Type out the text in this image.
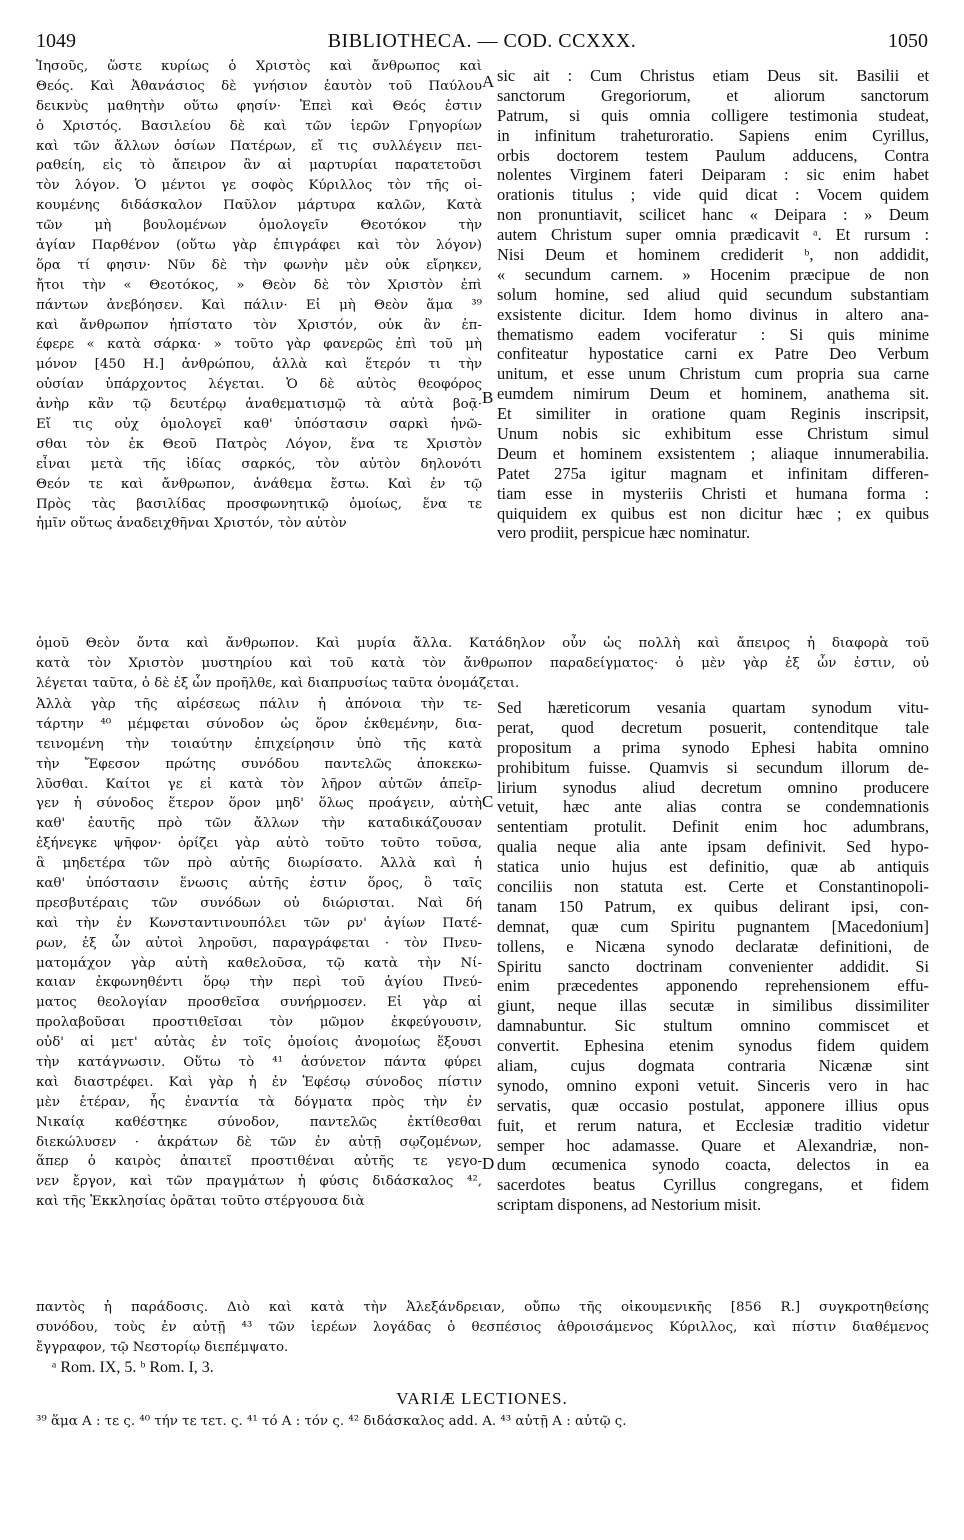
1049	BIBLIOTHECA. — COD. CCXXX.	1050
Ἰησοῦς, ὥστε κυρίως ὁ Χριστὸς καὶ ἄνθρωπος καὶ
Θεός. Καὶ Ἀθανάσιος δὲ γνήσιον ἑαυτὸν τοῦ Παύλου
δεικνὺς μαθητὴν οὕτω φησίν· Ἐπεὶ καὶ Θεός ἐστιν
ὁ Χριστός. Βασιλείου δὲ καὶ τῶν ἱερῶν Γρηγορίων
καὶ τῶν ἄλλων ὁσίων Πατέρων, εἴ τις συλλέγειν πει-
ραθείη, εἰς τὸ ἄπειρον ἂν αἱ μαρτυρίαι παρατετοῦσι
τὸν λόγον. Ὁ μέντοι γε σοφὸς Κύριλλος τὸν τῆς οἰ-
κουμένης διδάσκαλον Παῦλον μάρτυρα καλῶν, Κατὰ
τῶν μὴ βουλομένων ὁμολογεῖν Θεοτόκον τὴν
ἁγίαν Παρθένον (οὕτω γὰρ ἐπιγράφει καὶ τὸν λόγον)
ὅρα τί φησιν· Νῦν δὲ τὴν φωνὴν μὲν οὐκ εἴρηκεν,
ἤτοι τὴν « Θεοτόκος, » Θεὸν δὲ τὸν Χριστὸν ἐπὶ
πάντων ἀνεβόησεν. Καὶ πάλιν· Εἰ μὴ Θεὸν ἅμα ³⁹
καὶ ἄνθρωπον ἠπίστατο τὸν Χριστόν, οὐκ ἂν ἐπ-
έφερε « κατὰ σάρκα· » τοῦτο γὰρ φανερῶς ἐπὶ τοῦ μὴ
μόνον [450 H.] ἀνθρώπου, ἀλλὰ καὶ ἕτερόν τι τὴν
οὐσίαν ὑπάρχοντος λέγεται. Ὁ δὲ αὐτὸς θεοφόρος
ἀνὴρ κἂν τῷ δευτέρῳ ἀναθεματισμῷ τὰ αὐτὰ βοᾷ·
Εἴ τις οὐχ ὁμολογεῖ καθ' ὑπόστασιν σαρκὶ ἡνῶ-
σθαι τὸν ἐκ Θεοῦ Πατρὸς Λόγον, ἕνα τε Χριστὸν
εἶναι μετὰ τῆς ἰδίας σαρκός, τὸν αὐτὸν δηλονότι
Θεόν τε καὶ ἄνθρωπον, ἀνάθεμα ἔστω. Καὶ ἐν τῷ
Πρὸς τὰς βασιλίδας προσφωνητικῷ ὁμοίως, ἕνα τε
ἡμῖν οὕτως ἀναδειχθῆναι Χριστόν, τὸν αὐτὸν
sic ait : Cum Christus etiam Deus sit. Basilii et
sanctorum Gregoriorum, et aliorum sanctorum
Patrum, si quis omnia colligere testimonia studeat,
in infinitum traheturoratio. Sapiens enim Cyrillus,
orbis doctorem testem Paulum adducens, Contra
nolentes Virginem fateri Deiparam : sic enim habet
orationis titulus ; vide quid dicat : Vocem quidem
non pronuntiavit, scilicet hanc « Deipara : » Deum
autem Christum super omnia prædicavit ᵃ. Et rursum :
Nisi Deum et hominem crediderit ᵇ, non addidit,
« secundum carnem. » Hocenim præcipue de non
solum homine, sed aliud quid secundum substantiam
exsistente dicitur. Idem homo divinus in altero ana-
thematismo eadem vociferatur : Si quis minime
confiteatur hypostatice carni ex Patre Deo Verbum
unitum, et esse unum Christum cum propria sua carne
eumdem nimirum Deum et hominem, anathema sit.
Et similiter in oratione quam Reginis inscripsit,
Unum nobis sic exhibitum esse Christum simul
Deum et hominem exsistentem ; aliaque innumerabilia.
Patet 275a igitur magnam et infinitam differen-
tiam esse in mysteriis Christi et humana forma :
quiquidem ex quibus est non dicitur hæc ; ex quibus
vero prodiit, perspicue hæc nominatur.
A
B
C
D
ὁμοῦ Θεὸν ὄντα καὶ ἄνθρωπον. Καὶ μυρία ἄλλα. Κατάδηλον οὖν ὡς πολλὴ καὶ ἄπειρος ἡ διαφορὰ τοῦ
κατὰ τὸν Χριστὸν μυστηρίου καὶ τοῦ κατὰ τὸν ἄνθρωπον παραδείγματος· ὁ μὲν γὰρ ἐξ ὧν ἐστιν, οὐ
λέγεται ταῦτα, ὁ δὲ ἐξ ὧν προῆλθε, καὶ διαπρυσίως ταῦτα ὀνομάζεται.
Ἀλλὰ γὰρ τῆς αἱρέσεως πάλιν ἡ ἀπόνοια τὴν τε-
τάρτην ⁴⁰ μέμφεται σύνοδον ὡς ὅρον ἐκθεμένην, δια-
τεινομένη τὴν τοιαύτην ἐπιχείρησιν ὑπὸ τῆς κατὰ
τὴν Ἔφεσον πρώτης συνόδου παντελῶς ἀποκεκω-
λῦσθαι. Καίτοι γε εἰ κατὰ τὸν λῆρον αὐτῶν ἀπεῖρ-
γεν ἡ σύνοδος ἕτερον ὅρον μηδ' ὅλως προάγειν, αὐτὴ
καθ' ἑαυτῆς πρὸ τῶν ἄλλων τὴν καταδικάζουσαν
ἐξήνεγκε ψῆφον· ὁρίζει γὰρ αὐτὸ τοῦτο τοῦτο τοῦσα,
ἃ μηδετέρα τῶν πρὸ αὐτῆς διωρίσατο. Ἀλλὰ καὶ ἡ
καθ' ὑπόστασιν ἕνωσις αὐτῆς ἐστιν ὅρος, ὃ ταῖς
πρεσβυτέραις τῶν συνόδων οὐ διώρισται. Ναὶ δή
καὶ τὴν ἐν Κωνσταντινουπόλει τῶν ρν' ἁγίων Πατέ-
ρων, ἐξ ὧν αὐτοὶ ληροῦσι, παραγράφεται · τὸν Πνευ-
ματομάχον γὰρ αὐτὴ καθελοῦσα, τῷ κατὰ τὴν Νί-
καιαν ἐκφωνηθέντι ὅρῳ τὴν περὶ τοῦ ἁγίου Πνεύ-
ματος θεολογίαν προσθεῖσα συνήρμοσεν. Εἰ γὰρ αἱ
προλαβοῦσαι προστιθεῖσαι τὸν μῶμον ἐκφεύγουσιν,
οὐδ' αἱ μετ' αὐτὰς ἐν τοῖς ὁμοίοις ἀνομοίως ἕξουσι
τὴν κατάγνωσιν. Οὕτω τὸ ⁴¹ ἀσύνετον πάντα φύρει
καὶ διαστρέφει. Καὶ γὰρ ἡ ἐν Ἐφέσῳ σύνοδος πίστιν
μὲν ἑτέραν, ἧς ἐναντία τὰ δόγματα πρὸς τὴν ἐν
Νικαίᾳ καθέστηκε σύνοδον, παντελῶς ἐκτίθεσθαι
διεκώλυσεν · ἀκράτων δὲ τῶν ἐν αὐτῇ σῳζομένων,
ἅπερ ὁ καιρὸς ἀπαιτεῖ προστιθέναι αὐτῆς τε γεγο-
νεν ἔργον, καὶ τῶν πραγμάτων ἡ φύσις διδάσκαλος ⁴²,
καὶ τῆς Ἐκκλησίας ὁρᾶται τοῦτο στέργουσα διὰ
Sed hæreticorum vesania quartam synodum vitu-
perat, quod decretum posuerit, contenditque tale
propositum a prima synodo Ephesi habita omnino
prohibitum fuisse. Quamvis si secundum illorum de-
lirium synodus aliud decretum omnino producere
vetuit, hæc ante alias contra se condemnationis
sententiam protulit. Definit enim hoc adumbrans,
qualia neque alia ante ipsam definivit. Sed hypo-
statica unio hujus est definitio, quæ ab antiquis
conciliis non statuta est. Certe et Constantinopoli-
tanam 150 Patrum, ex quibus delirant ipsi, con-
demnat, quæ cum Spiritu pugnantem [Macedonium]
tollens, e Nicæna synodo declaratæ definitioni, de
Spiritu sancto doctrinam convenienter addidit. Si
enim præcedentes apponendo reprehensionem effu-
giunt, neque illas secutæ in similibus dissimiliter
damnabuntur. Sic stultum omnino commiscet et
convertit. Ephesina etenim synodus fidem quidem
aliam, cujus dogmata contraria Nicænæ sint
synodo, omnino exponi vetuit. Sinceris vero in hac
servatis, quæ occasio postulat, apponere illius opus
fuit, et rerum natura, et Ecclesiæ traditio videtur
semper hoc adamasse. Quare et Alexandriæ, non-
dum œcumenica synodo coacta, delectos in ea
sacerdotes beatus Cyrillus congregans, et fidem
scriptam disponens, ad Nestorium misit.
παντὸς ἡ παράδοσις. Διὸ καὶ κατὰ τὴν Ἀλεξάνδρειαν, οὔπω τῆς οἰκουμενικῆς [856 R.] συγκροτηθείσης
συνόδου, τοὺς ἐν αὐτῇ ⁴³ τῶν ἱερέων λογάδας ὁ θεσπέσιος ἀθροισάμενος Κύριλλος, καὶ πίστιν διαθέμενος
ἔγγραφον, τῷ Νεστορίῳ διεπέμψατο.
ᵃ Rom. IX, 5. ᵇ Rom. I, 3.
VARIÆ LECTIONES.
³⁹ ἅμα A : τε ς. ⁴⁰ τήν τε τετ. ς. ⁴¹ τό A : τόν ς. ⁴² διδάσκαλος add. A. ⁴³ αὐτῇ A : αὐτῷ ς.
